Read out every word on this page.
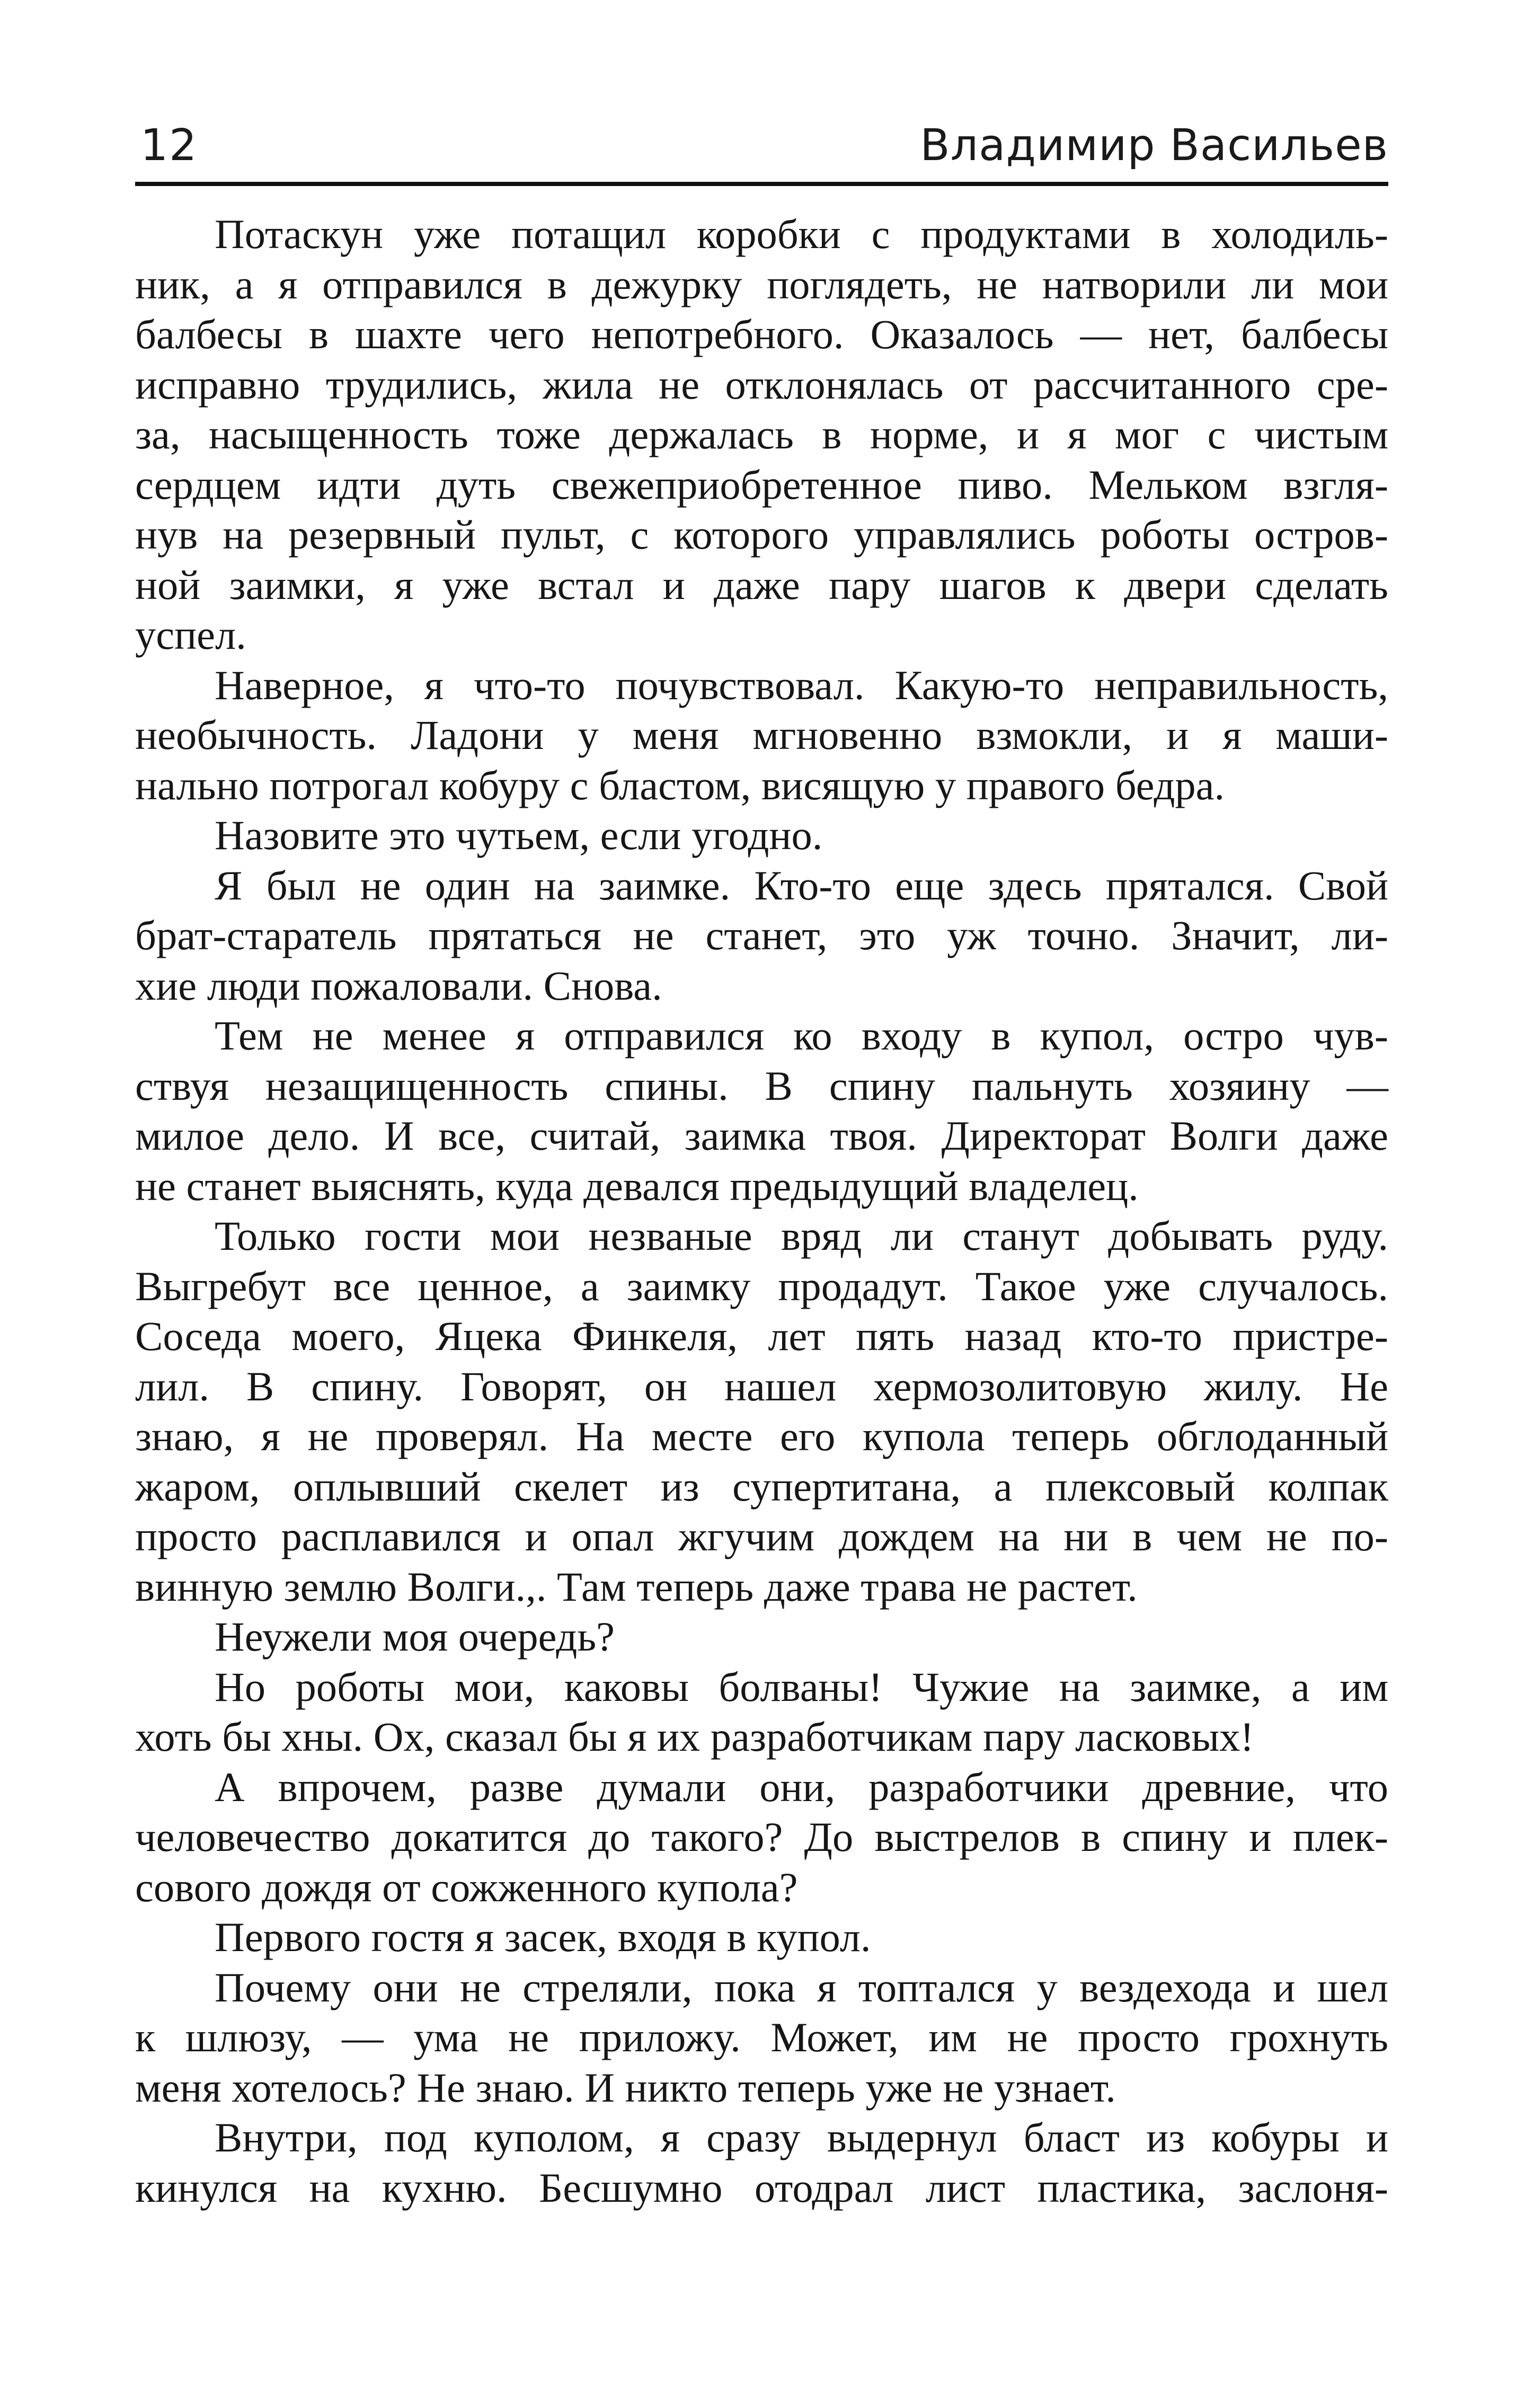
12	Владимир Васильев
Потаскун уже потащил коробки с продуктами в холодиль-
ник, а я отправился в дежурку поглядеть, не натворили ли мои
балбесы в шахте чего непотребного. Оказалось — нет, балбесы
исправно трудились, жила не отклонялась от рассчитанного сре-
за, насыщенность тоже держалась в норме, и я мог с чистым
сердцем идти дуть свежеприобретенное пиво. Мельком взгля-
нув на резервный пульт, с которого управлялись роботы остров-
ной заимки, я уже встал и даже пару шагов к двери сделать
успел.
Наверное, я что-то почувствовал. Какую-то неправильность,
необычность. Ладони у меня мгновенно взмокли, и я маши-
нально потрогал кобуру с бластом, висящую у правого бедра.
Назовите это чутьем, если угодно.
Я был не один на заимке. Кто-то еще здесь прятался. Свой
брат-старатель прятаться не станет, это уж точно. Значит, ли-
хие люди пожаловали. Снова.
Тем не менее я отправился ко входу в купол, остро чув-
ствуя незащищенность спины. В спину пальнуть хозяину —
милое дело. И все, считай, заимка твоя. Директорат Волги даже
не станет выяснять, куда девался предыдущий владелец.
Только гости мои незваные вряд ли станут добывать руду.
Выгребут все ценное, а заимку продадут. Такое уже случалось.
Соседа моего, Яцека Финкеля, лет пять назад кто-то пристре-
лил. В спину. Говорят, он нашел хермозолитовую жилу. Не
знаю, я не проверял. На месте его купола теперь обглоданный
жаром, оплывший скелет из супертитана, а плексовый колпак
просто расплавился и опал жгучим дождем на ни в чем не по-
винную землю Волги.,. Там теперь даже трава не растет.
Неужели моя очередь?
Но роботы мои, каковы болваны! Чужие на заимке, а им
хоть бы хны. Ох, сказал бы я их разработчикам пару ласковых!
А впрочем, разве думали они, разработчики древние, что
человечество докатится до такого? До выстрелов в спину и плек-
сового дождя от сожженного купола?
Первого гостя я засек, входя в купол.
Почему они не стреляли, пока я топтался у вездехода и шел
к шлюзу, — ума не приложу. Может, им не просто грохнуть
меня хотелось? Не знаю. И никто теперь уже не узнает.
Внутри, под куполом, я сразу выдернул бласт из кобуры и
кинулся на кухню. Бесшумно отодрал лист пластика, заслоня-
